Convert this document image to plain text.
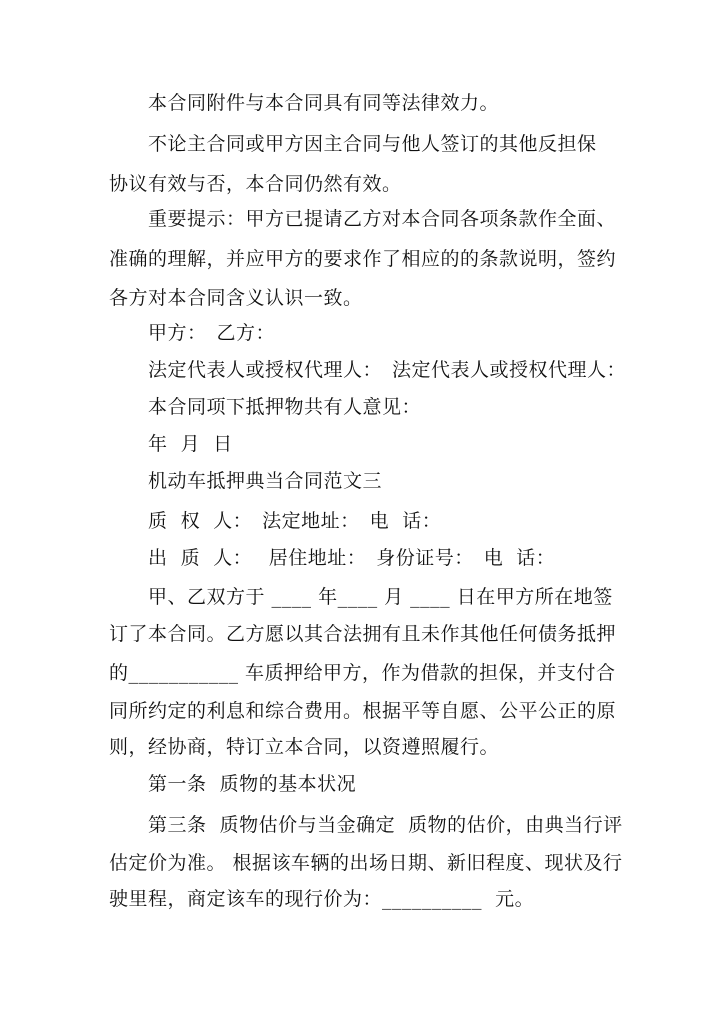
本合同附件与本合同具有同等法律效力。
不论主合同或甲方因主合同与他人签订的其他反担保
协议有效与否，本合同仍然有效。
重要提示：甲方已提请乙方对本合同各项条款作全面、
准确的理解，并应甲方的要求作了相应的的条款说明，签约
各方对本合同含义认识一致。
甲方：　乙方：
法定代表人或授权代理人：　法定代表人或授权代理人：
本合同项下抵押物共有人意见：
年  月  日
机动车抵押典当合同范文三
质  权  人：　法定地址：　电  话：
出  质  人：　 居住地址：　身份证号：　电  话：
甲、乙双方于 ____ 年____ 月 ____ 日在甲方所在地签
订了本合同。乙方愿以其合法拥有且未作其他任何债务抵押
的___________ 车质押给甲方，作为借款的担保，并支付合
同所约定的利息和综合费用。根据平等自愿、公平公正的原
则，经协商，特订立本合同，以资遵照履行。
第一条  质物的基本状况
第三条  质物估价与当金确定  质物的估价，由典当行评
估定价为准。 根据该车辆的出场日期、新旧程度、现状及行
驶里程，商定该车的现行价为：__________  元。
